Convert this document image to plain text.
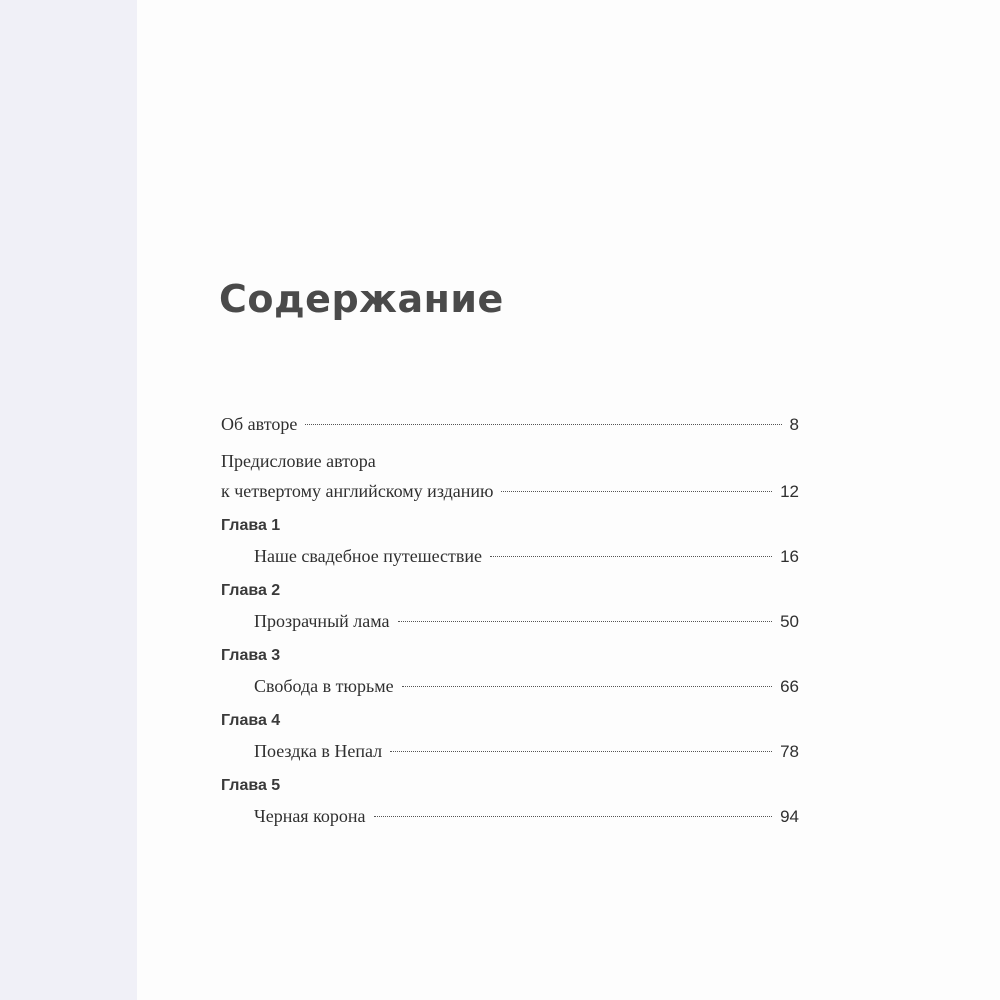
Содержание
Об авторе	8
Предисловие автора
к четвертому английскому изданию	12
Глава 1
Наше свадебное путешествие	16
Глава 2
Прозрачный лама	50
Глава 3
Свобода в тюрьме	66
Глава 4
Поездка в Непал	78
Глава 5
Черная корона	94
